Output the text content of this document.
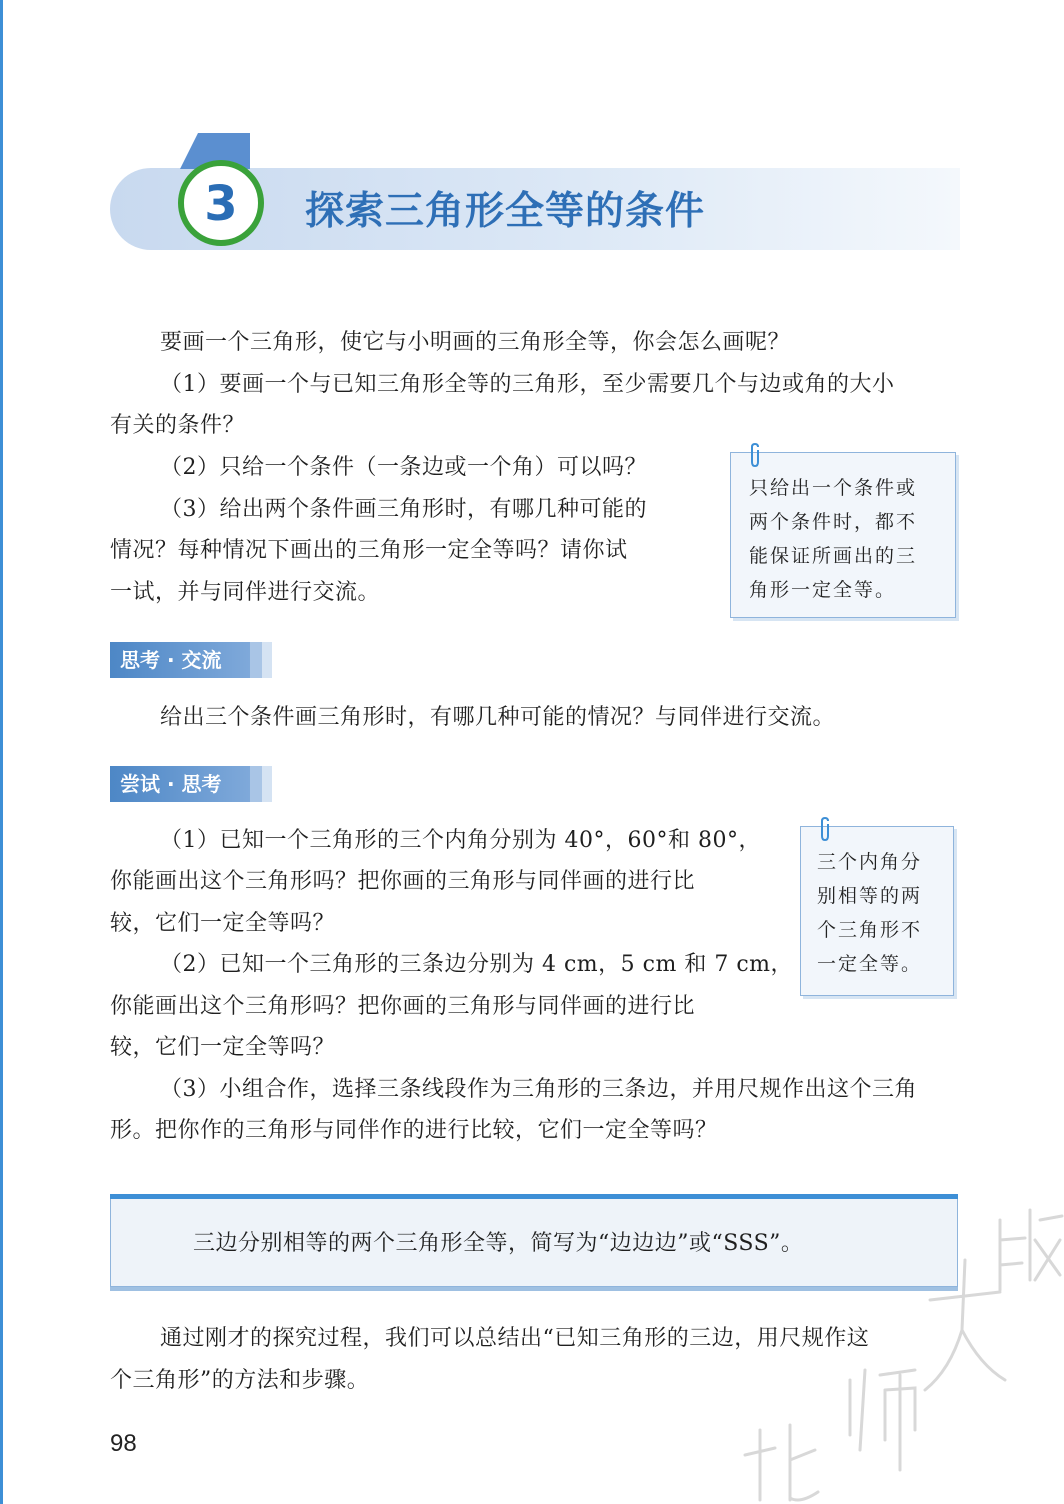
3	探索三角形全等的条件
要画一个三角形，使它与小明画的三角形全等，你会怎么画呢？
（1）要画一个与已知三角形全等的三角形，至少需要几个与边或角的大小
有关的条件？
（2）只给一个条件（一条边或一个角）可以吗？
（3）给出两个条件画三角形时，有哪几种可能的
情况？每种情况下画出的三角形一定全等吗？请你试
一试，并与同伴进行交流。
只给出一个条件或
两个条件时，都不
能保证所画出的三
角形一定全等。
思考 · 交流
给出三个条件画三角形时，有哪几种可能的情况？与同伴进行交流。
尝试 · 思考
（1）已知一个三角形的三个内角分别为 40°，60°和 80°，
你能画出这个三角形吗？把你画的三角形与同伴画的进行比
较，它们一定全等吗？
（2）已知一个三角形的三条边分别为 4 cm，5 cm 和 7 cm，
你能画出这个三角形吗？把你画的三角形与同伴画的进行比
较，它们一定全等吗？
（3）小组合作，选择三条线段作为三角形的三条边，并用尺规作出这个三角
形。把你作的三角形与同伴作的进行比较，它们一定全等吗？
三个内角分
别相等的两
个三角形不
一定全等。
三边分别相等的两个三角形全等，简写为“边边边”或“SSS”。
通过刚才的探究过程，我们可以总结出“已知三角形的三边，用尺规作这
个三角形”的方法和步骤。
98
